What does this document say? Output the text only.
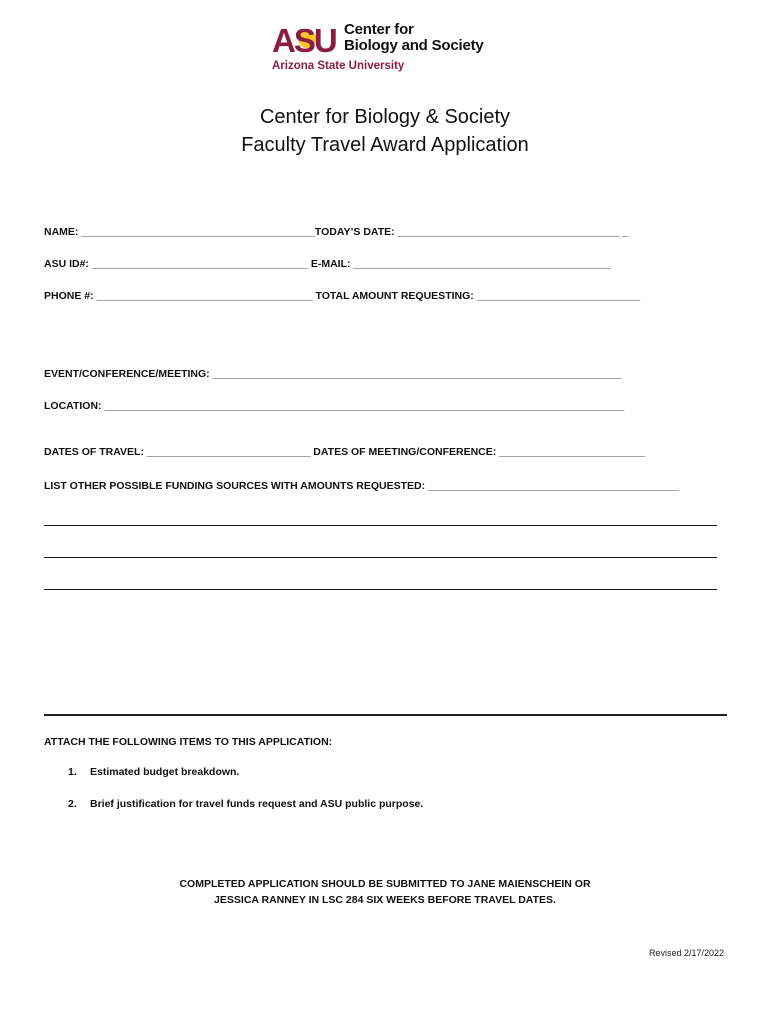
ASU Center for
Biology and Society
Arizona State University
Center for Biology & Society
Faculty Travel Award Application
NAME: ________________________________________TODAY’S DATE: ______________________________________ _
ASU ID#: _____________________________________ E-MAIL: ____________________________________________
PHONE #: _____________________________________ TOTAL AMOUNT REQUESTING: ____________________________
EVENT/CONFERENCE/MEETING: ______________________________________________________________________
LOCATION: _________________________________________________________________________________________
DATES OF TRAVEL: ____________________________ DATES OF MEETING/CONFERENCE: _________________________
LIST OTHER POSSIBLE FUNDING SOURCES WITH AMOUNTS REQUESTED: ___________________________________________
ATTACH THE FOLLOWING ITEMS TO THIS APPLICATION:
1. Estimated budget breakdown.
2. Brief justification for travel funds request and ASU public purpose.
COMPLETED APPLICATION SHOULD BE SUBMITTED TO JANE MAIENSCHEIN OR
JESSICA RANNEY IN LSC 284 SIX WEEKS BEFORE TRAVEL DATES.
Revised 2/17/2022
